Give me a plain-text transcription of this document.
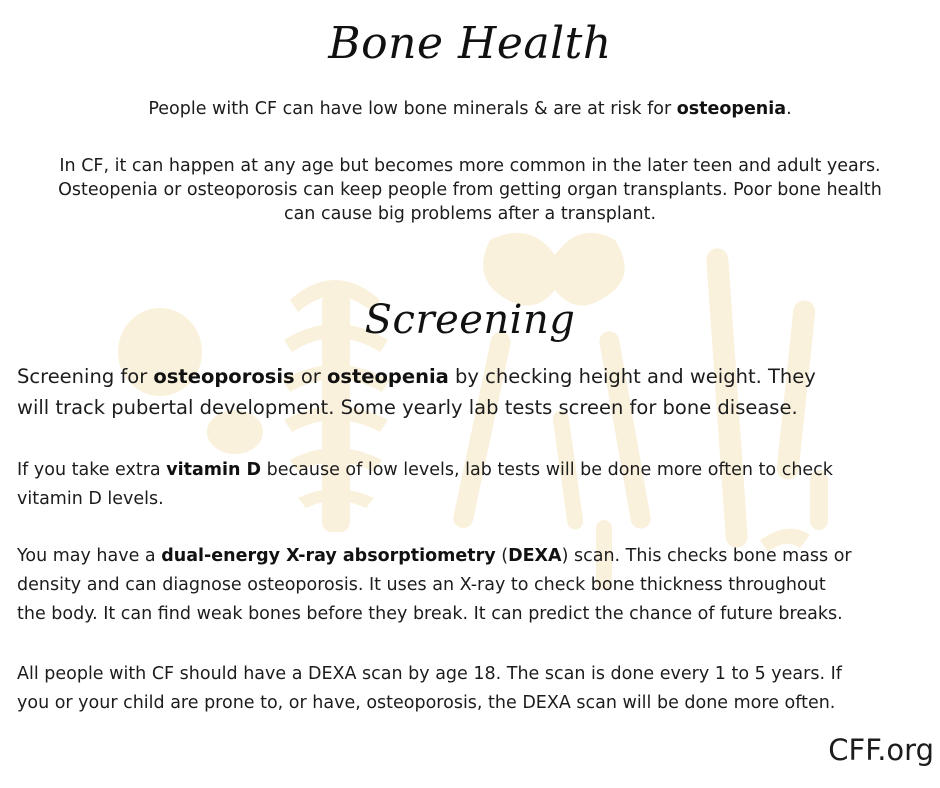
Bone Health

People with CF can have low bone minerals & are at risk for osteopenia.

In CF, it can happen at any age but becomes more common in the later teen and adult years.
Osteopenia or osteoporosis can keep people from getting organ transplants. Poor bone health
can cause big problems after a transplant.

Screening

Screening for osteoporosis or osteopenia by checking height and weight. They
will track pubertal development. Some yearly lab tests screen for bone disease.

If you take extra vitamin D because of low levels, lab tests will be done more often to check
vitamin D levels.

You may have a dual-energy X-ray absorptiometry (DEXA) scan. This checks bone mass or
density and can diagnose osteoporosis. It uses an X-ray to check bone thickness throughout
the body. It can find weak bones before they break. It can predict the chance of future breaks.

All people with CF should have a DEXA scan by age 18. The scan is done every 1 to 5 years. If
you or your child are prone to, or have, osteoporosis, the DEXA scan will be done more often.

CFF.org
